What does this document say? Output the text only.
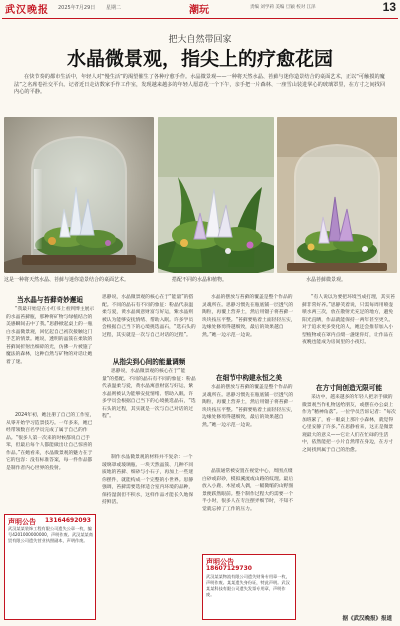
武汉晚报 2025年7月29日 星期二	潮玩	责编 刘学莉 美编 旦颖 校对 江泽	13
把大自然带回家
水晶微景观，指尖上的疗愈花园

在快节奏的都市生活中，年轻人对“慢生活”的渴望催生了各种疗愈手作。水晶微景观——一种将天然水晶、苔藓与迷你造景结合的桌面艺术，正以“可触摸的魔法”之名席卷社交平台。记者近日走访数家手作工作室，发现越来越多的年轻人愿意花一个下午，亲手把一片森林、一座雪山装进掌心的玻璃罩里，在方寸之间找回内心的平静。

这是一种将天然水晶、苔藓与迷你造景结合的桌面艺术。	搭配不同的水晶和植物。	水晶苔藓微景观。
当水晶与苔藓奇妙邂逅

“我最开始是在小红书上看到博主展示的水晶苔藓瓶，那种将矿物与绿植结合的美感瞬间击中了我。”思静掀起桌上的一瓶白水晶微景观，回忆起自己初次接触这门手艺的情景。她说，透明的晶簇在柔软的苔藓间折射出细碎的光，仿佛一片被施了魔法的森林，这种自然与矿物的对话让她着了迷。

2024年初，她注册了自己的工作室，从零开始学习造景技巧。一年多来，她已经带领数百名学员完成了属于自己的作品。“很多人第一次来的时候都说自己手笨，但最后每个人都能做出让自己惊喜的作品。”在她看来，水晶微景观的魅力在于它的包容：没有标准答案，每一件作品都是制作者内心世界的投射。

思静说，水晶微景观的核心在于“能量”的搭配。不同的晶石有不同的象征：粉晶代表温柔与爱，黄水晶寓意财富与好运，紫水晶则被认为能够安抚情绪、帮助入眠。许多学员会根据自己当下的心境挑选晶石，“选石头的过程，其实就是一次与自己对话的过程”。

从指尖到心间的能量调频

思静说，水晶微景观的核心在于“能量”的搭配。不同的晶石有不同的象征：粉晶代表温柔与爱，黄水晶寓意财富与好运，紫水晶则被认为能够安抚情绪、帮助入眠。许多学员会根据自己当下的心境挑选晶石，“选石头的过程，其实就是一次与自己对话的过程”。

制作水晶微景观的材料并不复杂：一个玻璃罩或玻璃瓶、一块天然晶簇、几种不同质地的苔藓、细砂与小石子，再加上一些迷你摆件，就能构成一个完整的小世界。思静强调，苔藓需要选择适合室内环境的品种，保持湿润但不积水，这样作品才能长久地保持鲜活。

水晶的摆放与苔藓的覆盖是整个作品的灵魂所在。思静习惯先在瓶底铺一层透气的陶粒，再覆上营养土，然后用镊子将苔藓一块块按压平整。“苔藓要贴着土面轻轻压实，边缘处修剪得越细致，最后的效果越自然。”她一边示范一边说。

在细节中构建永恒之美

水晶的摆放与苔藓的覆盖是整个作品的灵魂所在。思静习惯先在瓶底铺一层透气的陶粒，再覆上营养土，然后用镊子将苔藓一块块按压平整。“苔藓要贴着土面轻轻压实，边缘处修剪得越细致，最后的效果越自然。”她一边示范一边说。

晶簇通常被安置在视觉中心，周围点缀白砂或彩砂，模拟溪流或山路的纹理。最后放入小鹿、木屋或人偶，一幅微缩的山野图景便跃然眼前。整个制作过程大约需要一个半小时，很多人在专注摆弄细节时，不知不觉就忘掉了工作的压力。

“有人说以为要把环境当成打理，其实苔藓非常好养。”思静笑着说，只需每周用喷壶喷水两三次，放在散射光充足的地方，避免阳光直晒，作品就能保持一两年甚至更久。对于追求更多变化的人，她还会推荐加入小型植物或在罩内点缀一盏迷你灯，让作品在夜晚也能成为房间里的小夜灯。

在方寸间创造无限可能

采访中，越来越多的年轻人把亲手做的微景观当作礼物送给朋友，或摆在办公桌上作为“精神角落”。一位学员告诉记者：“每次加班累了，看一眼桌上那片小森林，就觉得心里安静了许多。”在思静看来，这正是微景观最大的意义——它让人们在忙碌的生活中，依然能把一小片自然带在身边，在方寸之间找到属于自己的治愈。

声明公告 13164692093

武汉某某装饰工程有限公司遗失公章一枚，编号4201000000000，声明作废。武汉某某商贸有限公司遗失营业执照副本，声明作废。

声明公告
18607129730

武汉某某物流有限公司遗失财务专用章一枚，声明作废。某某遗失身份证，特此声明。武汉某某科技有限公司遗失发票专用章，声明作废。

据《武汉晚报》报道
